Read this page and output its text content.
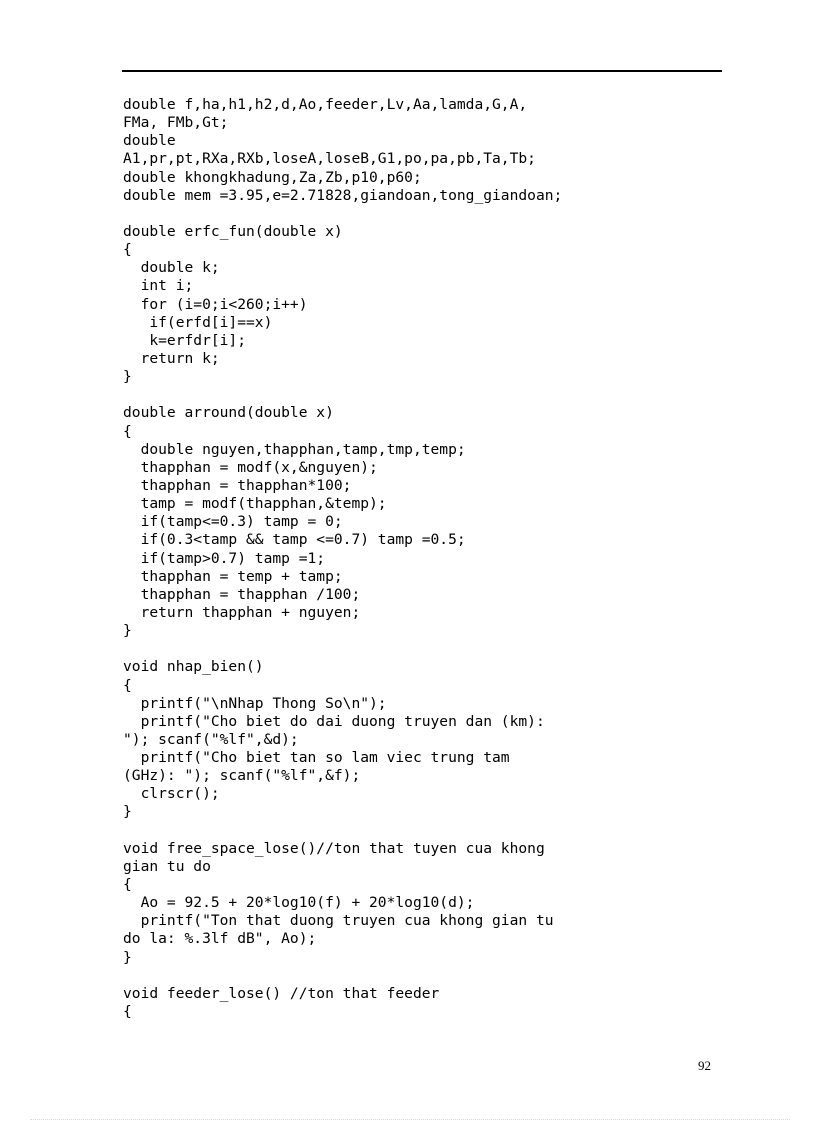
double f,ha,h1,h2,d,Ao,feeder,Lv,Aa,lamda,G,A,
FMa, FMb,Gt;
double
A1,pr,pt,RXa,RXb,loseA,loseB,G1,po,pa,pb,Ta,Tb;
double khongkhadung,Za,Zb,p10,p60;
double mem =3.95,e=2.71828,giandoan,tong_giandoan;

double erfc_fun(double x)
{
double k;
int i;
for (i=0;i<260;i++)
if(erfd[i]==x)
k=erfdr[i];
return k;
}

double arround(double x)
{
double nguyen,thapphan,tamp,tmp,temp;
thapphan = modf(x,&nguyen);
thapphan = thapphan*100;
tamp = modf(thapphan,&temp);
if(tamp<=0.3) tamp = 0;
if(0.3<tamp && tamp <=0.7) tamp =0.5;
if(tamp>0.7) tamp =1;
thapphan = temp + tamp;
thapphan = thapphan /100;
return thapphan + nguyen;
}

void nhap_bien()
{
printf("\nNhap Thong So\n");
printf("Cho biet do dai duong truyen dan (km):
"); scanf("%lf",&d);
printf("Cho biet tan so lam viec trung tam
(GHz): "); scanf("%lf",&f);
clrscr();
}

void free_space_lose()//ton that tuyen cua khong
gian tu do
{
Ao = 92.5 + 20*log10(f) + 20*log10(d);
printf("Ton that duong truyen cua khong gian tu
do la: %.3lf dB", Ao);
}

void feeder_lose() //ton that feeder
{
92
